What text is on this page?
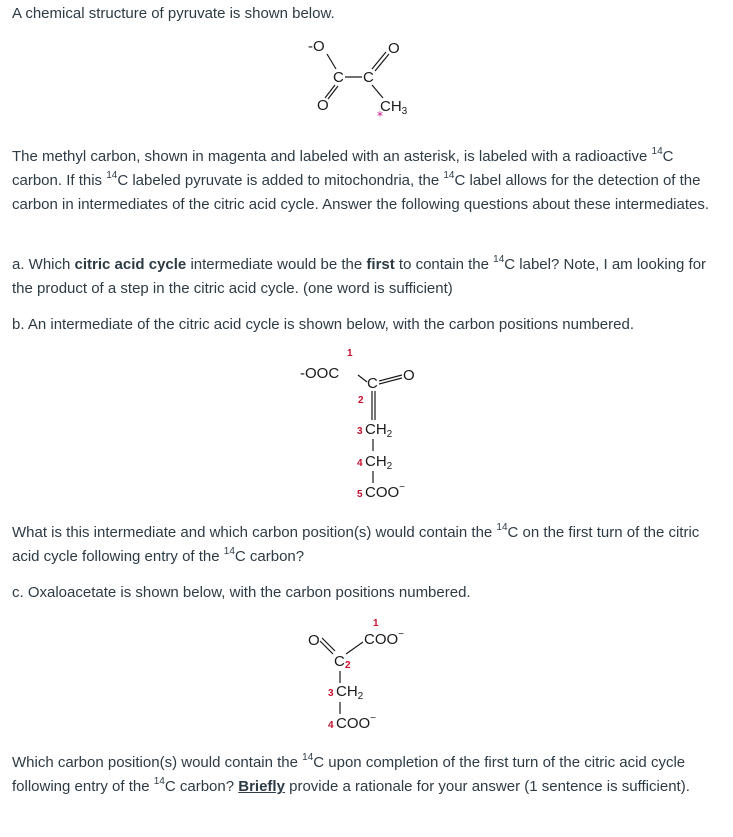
A chemical structure of pyruvate is shown below.

-O	O
C C
O	$CH_3$
*

The methyl carbon, shown in magenta and labeled with an asterisk, is labeled with a radioactive $^{14}$C carbon. If this $^{14}$C labeled pyruvate is added to mitochondria, the $^{14}$C label allows for the detection of the carbon in intermediates of the citric acid cycle. Answer the following questions about these intermediates.

a. Which citric acid cycle intermediate would be the first to contain the $^{14}$C label? Note, I am looking for the product of a step in the citric acid cycle. (one word is sufficient)

b. An intermediate of the citric acid cycle is shown below, with the carbon positions numbered.

1
-OOC
C
2
O
3 $CH_2$
4 $CH_2$
5 COO−

What is this intermediate and which carbon position(s) would contain the $^{14}$C on the first turn of the citric acid cycle following entry of the $^{14}$C carbon?

c. Oxaloacetate is shown below, with the carbon positions numbered.

1
O	COO−
C 2
3 $CH_2$
4 COO−

Which carbon position(s) would contain the $^{14}$C upon completion of the first turn of the citric acid cycle following entry of the $^{14}$C carbon? Briefly provide a rationale for your answer (1 sentence is sufficient).
